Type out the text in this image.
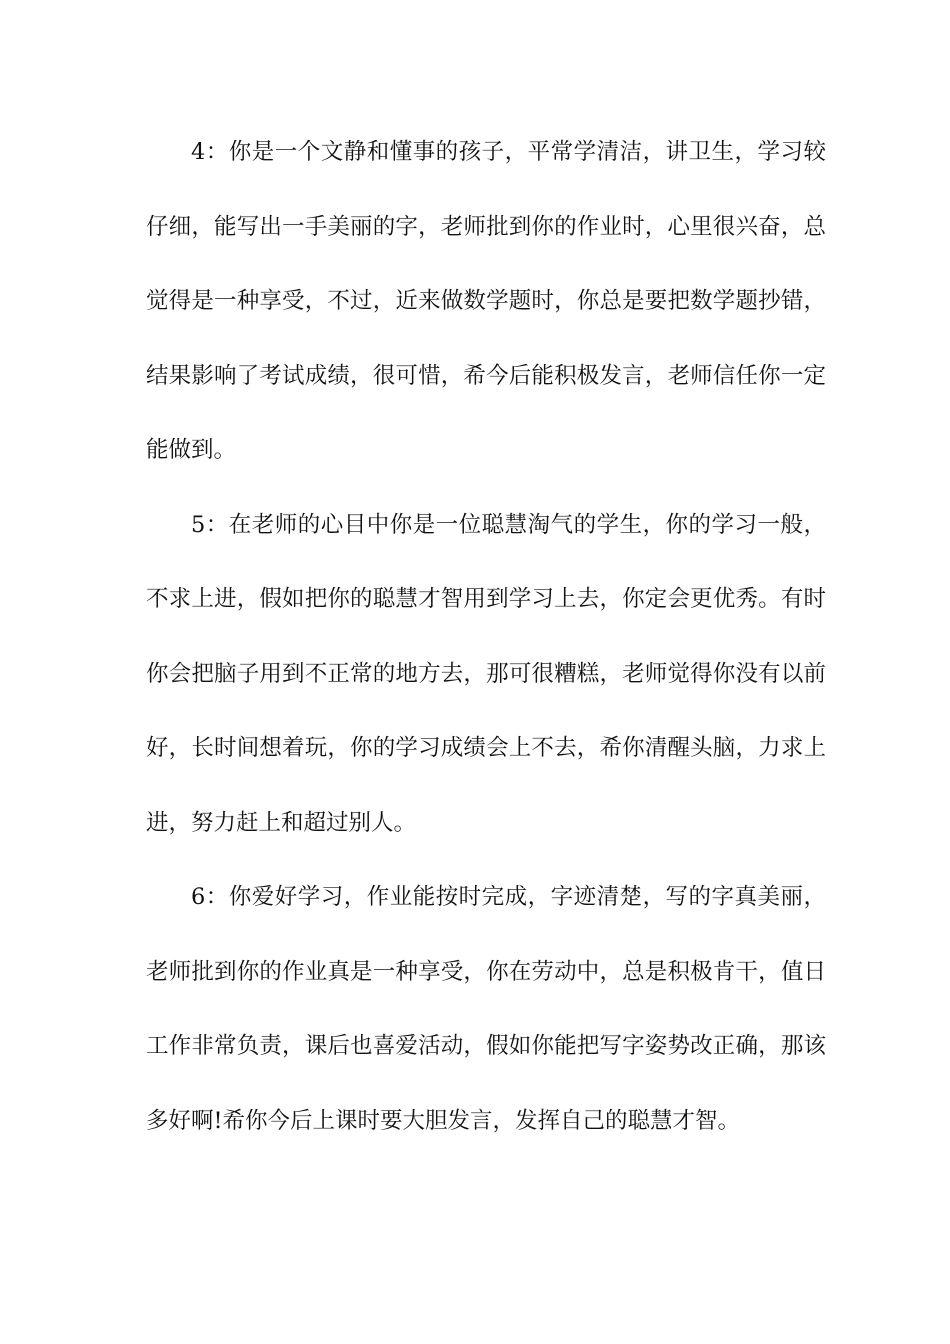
4：你是一个文静和懂事的孩子，平常学清洁，讲卫生，学习较仔细，能写出一手美丽的字，老师批到你的作业时，心里很兴奋，总觉得是一种享受，不过，近来做数学题时，你总是要把数学题抄错，结果影响了考试成绩，很可惜，希今后能积极发言，老师信任你一定能做到。

5：在老师的心目中你是一位聪慧淘气的学生，你的学习一般，不求上进，假如把你的聪慧才智用到学习上去，你定会更优秀。有时你会把脑子用到不正常的地方去，那可很糟糕，老师觉得你没有以前好，长时间想着玩，你的学习成绩会上不去，希你清醒头脑，力求上进，努力赶上和超过别人。

6：你爱好学习，作业能按时完成，字迹清楚，写的字真美丽，老师批到你的作业真是一种享受，你在劳动中，总是积极肯干，值日工作非常负责，课后也喜爱活动，假如你能把写字姿势改正确，那该多好啊!希你今后上课时要大胆发言，发挥自己的聪慧才智。
